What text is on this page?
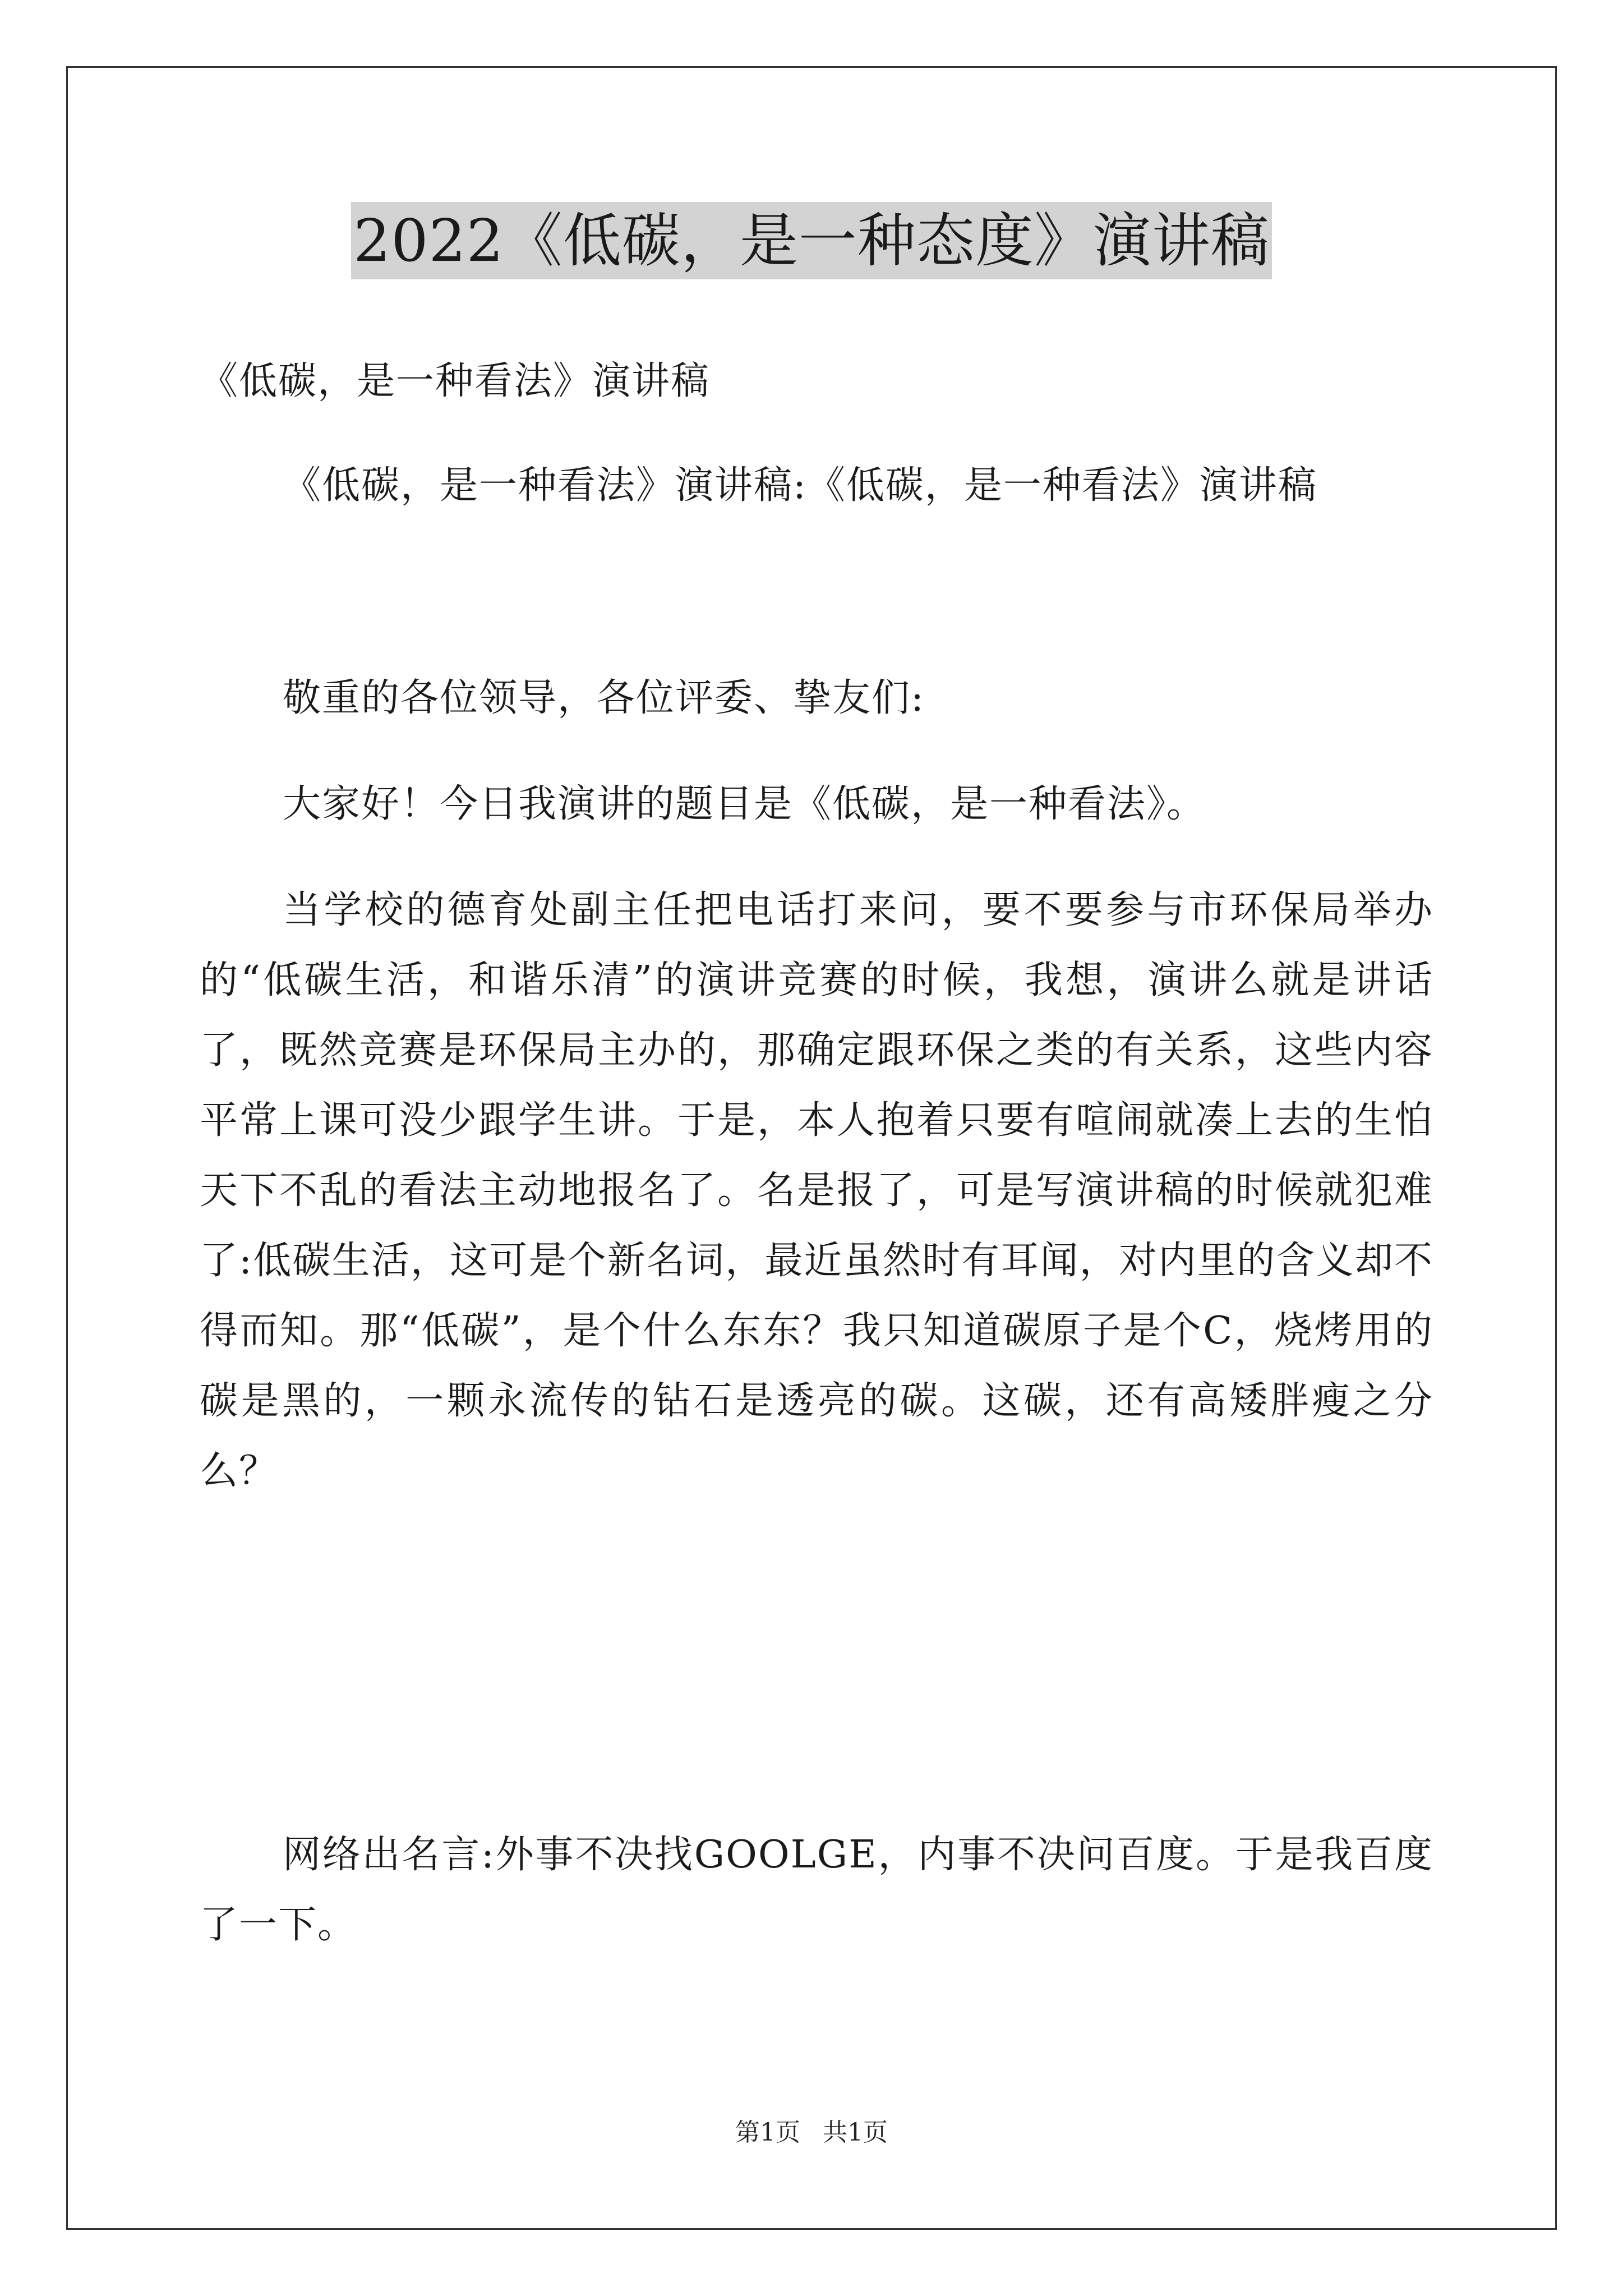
2022《低碳，是一种态度》演讲稿

《低碳，是一种看法》演讲稿

《低碳，是一种看法》演讲稿:《低碳，是一种看法》演讲稿

敬重的各位领导，各位评委、挚友们:

大家好！今日我演讲的题目是《低碳，是一种看法》。

当学校的德育处副主任把电话打来问，要不要参与市环保局举办的“低碳生活，和谐乐清”的演讲竞赛的时候，我想，演讲么就是讲话了，既然竞赛是环保局主办的，那确定跟环保之类的有关系，这些内容平常上课可没少跟学生讲。于是，本人抱着只要有喧闹就凑上去的生怕天下不乱的看法主动地报名了。名是报了，可是写演讲稿的时候就犯难了:低碳生活，这可是个新名词，最近虽然时有耳闻，对内里的含义却不得而知。那“低碳”，是个什么东东？我只知道碳原子是个C，烧烤用的碳是黑的，一颗永流传的钻石是透亮的碳。这碳，还有高矮胖瘦之分么？

网络出名言:外事不决找GOOLGE，内事不决问百度。于是我百度了一下。

第1页 共1页
